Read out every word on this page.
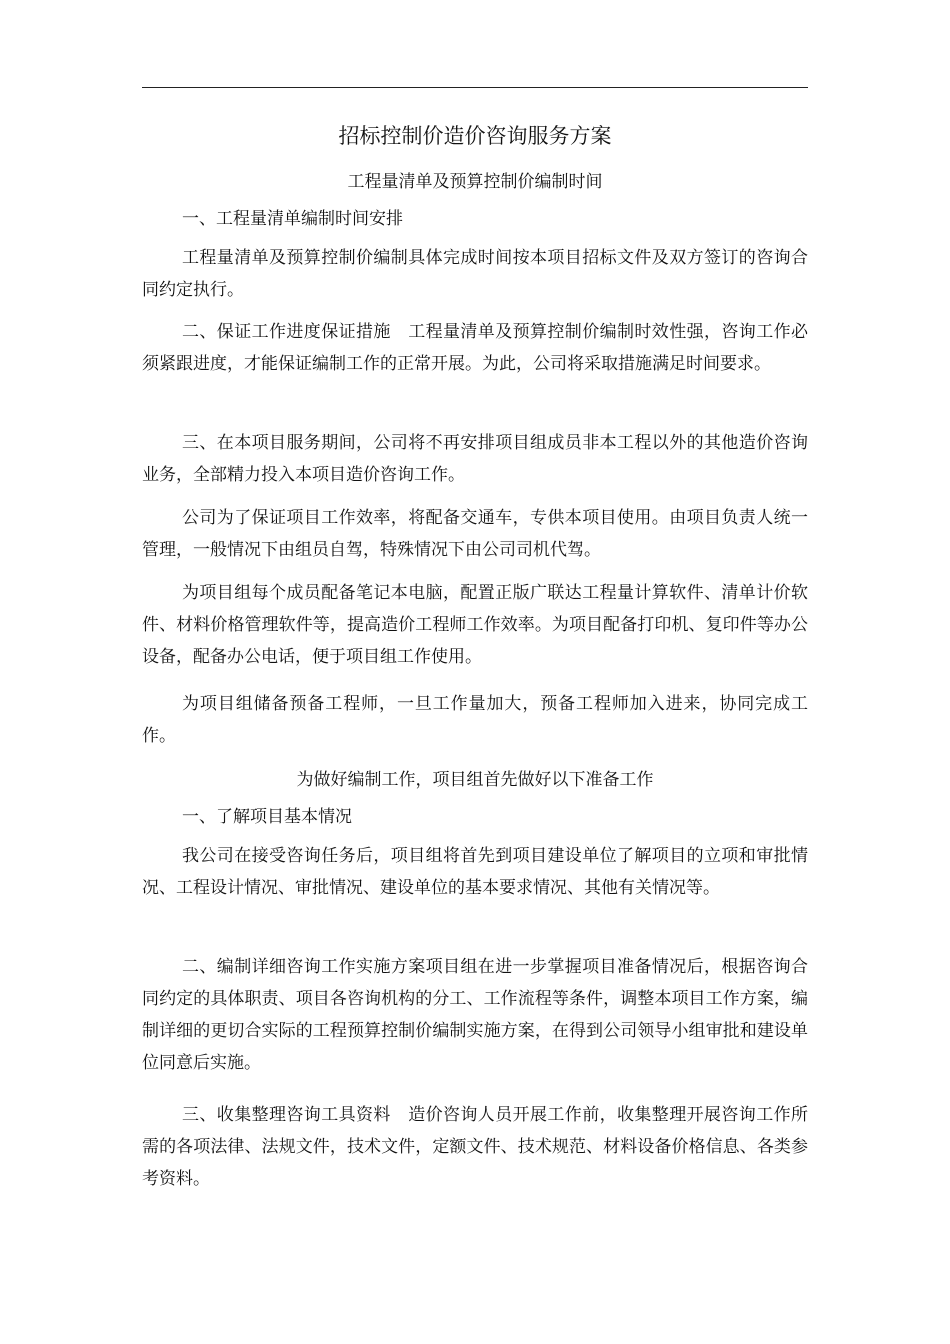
招标控制价造价咨询服务方案
工程量清单及预算控制价编制时间

一、工程量清单编制时间安排

工程量清单及预算控制价编制具体完成时间按本项目招标文件及双方签订的咨询合同约定执行。

二、保证工作进度保证措施　工程量清单及预算控制价编制时效性强，咨询工作必须紧跟进度，才能保证编制工作的正常开展。为此，公司将采取措施满足时间要求。

三、在本项目服务期间，公司将不再安排项目组成员非本工程以外的其他造价咨询业务，全部精力投入本项目造价咨询工作。

公司为了保证项目工作效率，将配备交通车，专供本项目使用。由项目负责人统一管理，一般情况下由组员自驾，特殊情况下由公司司机代驾。

为项目组每个成员配备笔记本电脑，配置正版广联达工程量计算软件、清单计价软件、材料价格管理软件等，提高造价工程师工作效率。为项目配备打印机、复印件等办公设备，配备办公电话，便于项目组工作使用。

为项目组储备预备工程师，一旦工作量加大，预备工程师加入进来，协同完成工作。

为做好编制工作，项目组首先做好以下准备工作

一、了解项目基本情况

我公司在接受咨询任务后，项目组将首先到项目建设单位了解项目的立项和审批情况、工程设计情况、审批情况、建设单位的基本要求情况、其他有关情况等。

二、编制详细咨询工作实施方案项目组在进一步掌握项目准备情况后，根据咨询合同约定的具体职责、项目各咨询机构的分工、工作流程等条件，调整本项目工作方案，编制详细的更切合实际的工程预算控制价编制实施方案，在得到公司领导小组审批和建设单位同意后实施。

三、收集整理咨询工具资料　造价咨询人员开展工作前，收集整理开展咨询工作所需的各项法律、法规文件，技术文件，定额文件、技术规范、材料设备价格信息、各类参考资料。
